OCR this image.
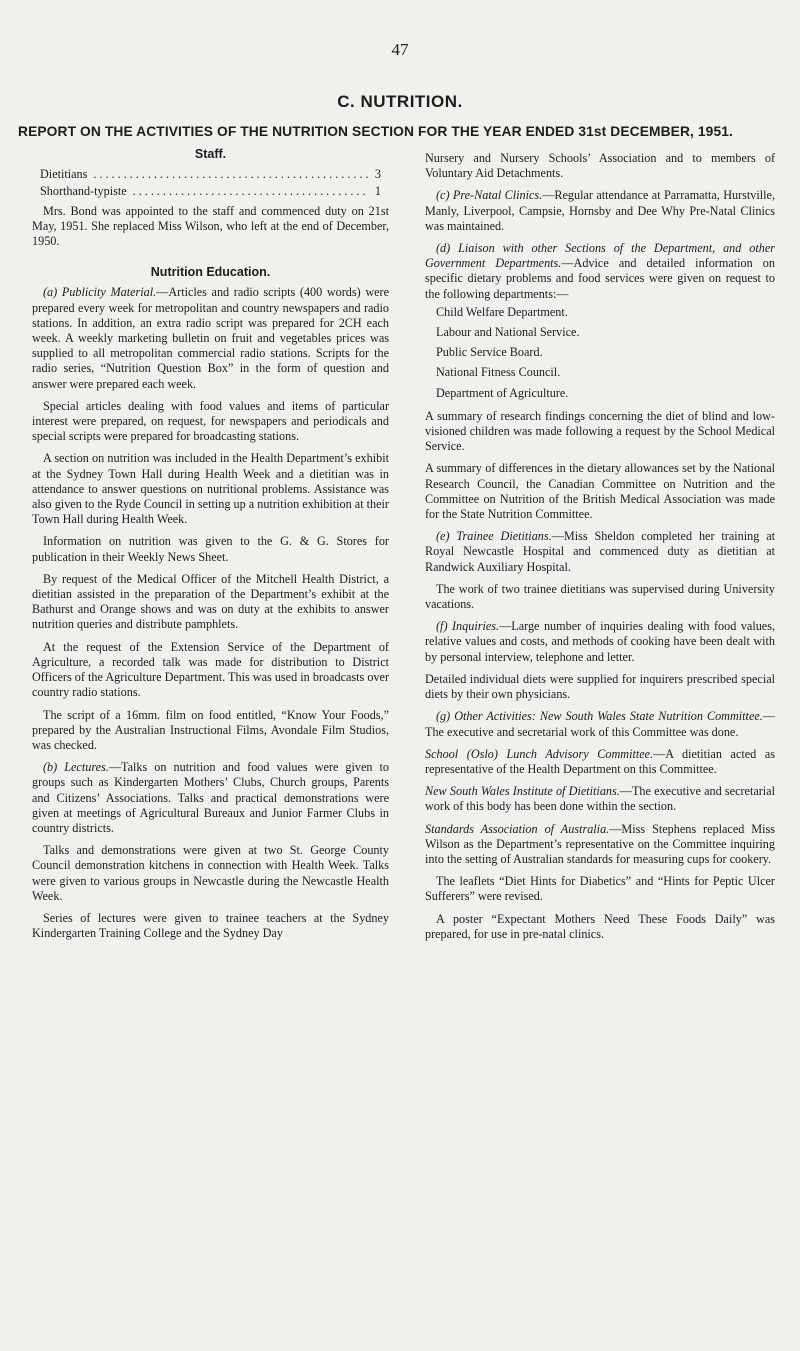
47
C. NUTRITION.
REPORT ON THE ACTIVITIES OF THE NUTRITION SECTION FOR THE YEAR ENDED 31st DECEMBER, 1951.
Staff.
Dietitians .....	3
Shorthand-typiste .....	1

Mrs. Bond was appointed to the staff and commenced duty on 21st May, 1951. She replaced Miss Wilson, who left at the end of December, 1950.

Nutrition Education.

(a) Publicity Material.—Articles and radio scripts (400 words) were prepared every week for metropolitan and country newspapers and radio stations. In addition, an extra radio script was prepared for 2CH each week. A weekly marketing bulletin on fruit and vegetables prices was supplied to all metropolitan commercial radio stations. Scripts for the radio series, “Nutrition Question Box” in the form of question and answer were prepared each week.

Special articles dealing with food values and items of particular interest were prepared, on request, for newspapers and periodicals and special scripts were prepared for broadcasting stations.

A section on nutrition was included in the Health Department’s exhibit at the Sydney Town Hall during Health Week and a dietitian was in attendance to answer questions on nutritional problems. Assistance was also given to the Ryde Council in setting up a nutrition exhibition at their Town Hall during Health Week.

Information on nutrition was given to the G. & G. Stores for publication in their Weekly News Sheet.

By request of the Medical Officer of the Mitchell Health District, a dietitian assisted in the preparation of the Department’s exhibit at the Bathurst and Orange shows and was on duty at the exhibits to answer nutrition queries and distribute pamphlets.

At the request of the Extension Service of the Department of Agriculture, a recorded talk was made for distribution to District Officers of the Agriculture Department. This was used in broadcasts over country radio stations.

The script of a 16mm. film on food entitled, “Know Your Foods,” prepared by the Australian Instructional Films, Avondale Film Studios, was checked.

(b) Lectures.—Talks on nutrition and food values were given to groups such as Kindergarten Mothers’ Clubs, Church groups, Parents and Citizens’ Associations. Talks and practical demonstrations were given at meetings of Agricultural Bureaux and Junior Farmer Clubs in country districts.

Talks and demonstrations were given at two St. George County Council demonstration kitchens in connection with Health Week. Talks were given to various groups in Newcastle during the Newcastle Health Week.

Series of lectures were given to trainee teachers at the Sydney Kindergarten Training College and the Sydney Day

Nursery and Nursery Schools’ Association and to members of Voluntary Aid Detachments.

(c) Pre-Natal Clinics.—Regular attendance at Parramatta, Hurstville, Manly, Liverpool, Campsie, Hornsby and Dee Why Pre-Natal Clinics was maintained.

(d) Liaison with other Sections of the Department, and other Government Departments.—Advice and detailed information on specific dietary problems and food services were given on request to the following departments:—

Child Welfare Department.
Labour and National Service.
Public Service Board.
National Fitness Council.
Department of Agriculture.

A summary of research findings concerning the diet of blind and low-visioned children was made following a request by the School Medical Service.

A summary of differences in the dietary allowances set by the National Research Council, the Canadian Committee on Nutrition and the Committee on Nutrition of the British Medical Association was made for the State Nutrition Committee.

(e) Trainee Dietitians.—Miss Sheldon completed her training at Royal Newcastle Hospital and commenced duty as dietitian at Randwick Auxiliary Hospital.

The work of two trainee dietitians was supervised during University vacations.

(f) Inquiries.—Large number of inquiries dealing with food values, relative values and costs, and methods of cooking have been dealt with by personal interview, telephone and letter.

Detailed individual diets were supplied for inquirers prescribed special diets by their own physicians.

(g) Other Activities: New South Wales State Nutrition Committee.—The executive and secretarial work of this Committee was done.

School (Oslo) Lunch Advisory Committee.—A dietitian acted as representative of the Health Department on this Committee.

New South Wales Institute of Dietitians.—The executive and secretarial work of this body has been done within the section.

Standards Association of Australia.—Miss Stephens replaced Miss Wilson as the Department’s representative on the Committee inquiring into the setting of Australian standards for measuring cups for cookery.

The leaflets “Diet Hints for Diabetics” and “Hints for Peptic Ulcer Sufferers” were revised.

A poster “Expectant Mothers Need These Foods Daily” was prepared, for use in pre-natal clinics.
